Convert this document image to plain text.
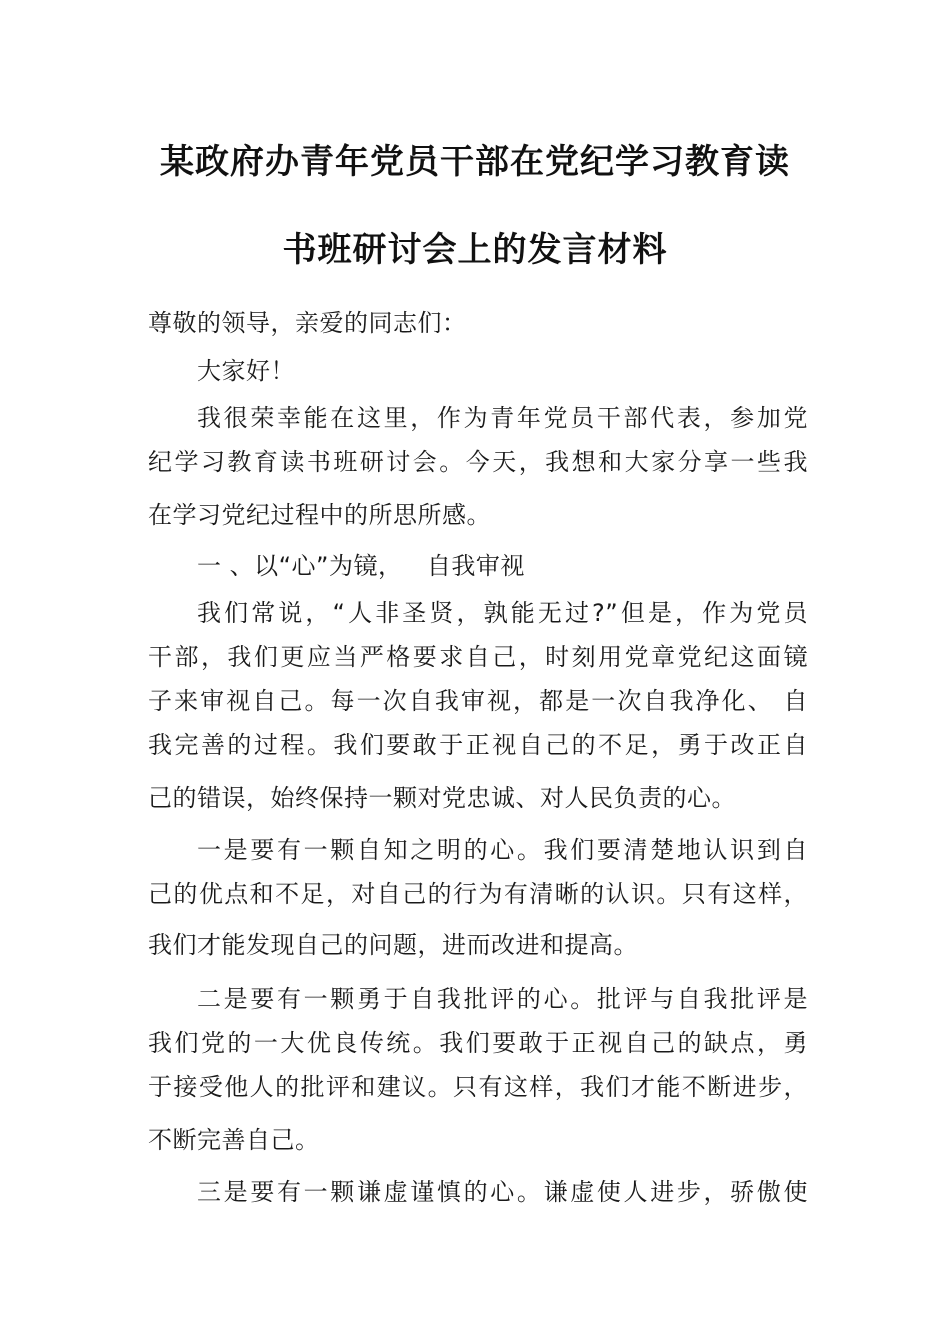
某政府办青年党员干部在党纪学习教育读
书班研讨会上的发言材料
尊敬的领导，亲爱的同志们：
大家好！
我很荣幸能在这里，作为青年党员干部代表，参加党
纪学习教育读书班研讨会。今天，我想和大家分享一些我
在学习党纪过程中的所思所感。
一 、以“心”为镜，   自我审视
我们常说，“人非圣贤，孰能无过?”但是，作为党员
干部，我们更应当严格要求自己，时刻用党章党纪这面镜
子来审视自己。每一次自我审视，都是一次自我净化、 自
我完善的过程。我们要敢于正视自己的不足，勇于改正自
己的错误，始终保持一颗对党忠诚、对人民负责的心。
一是要有一颗自知之明的心。我们要清楚地认识到自
己的优点和不足，对自己的行为有清晰的认识。只有这样，
我们才能发现自己的问题，进而改进和提高。
二是要有一颗勇于自我批评的心。批评与自我批评是
我们党的一大优良传统。我们要敢于正视自己的缺点，勇
于接受他人的批评和建议。只有这样，我们才能不断进步，
不断完善自己。
三是要有一颗谦虚谨慎的心。谦虚使人进步，骄傲使
